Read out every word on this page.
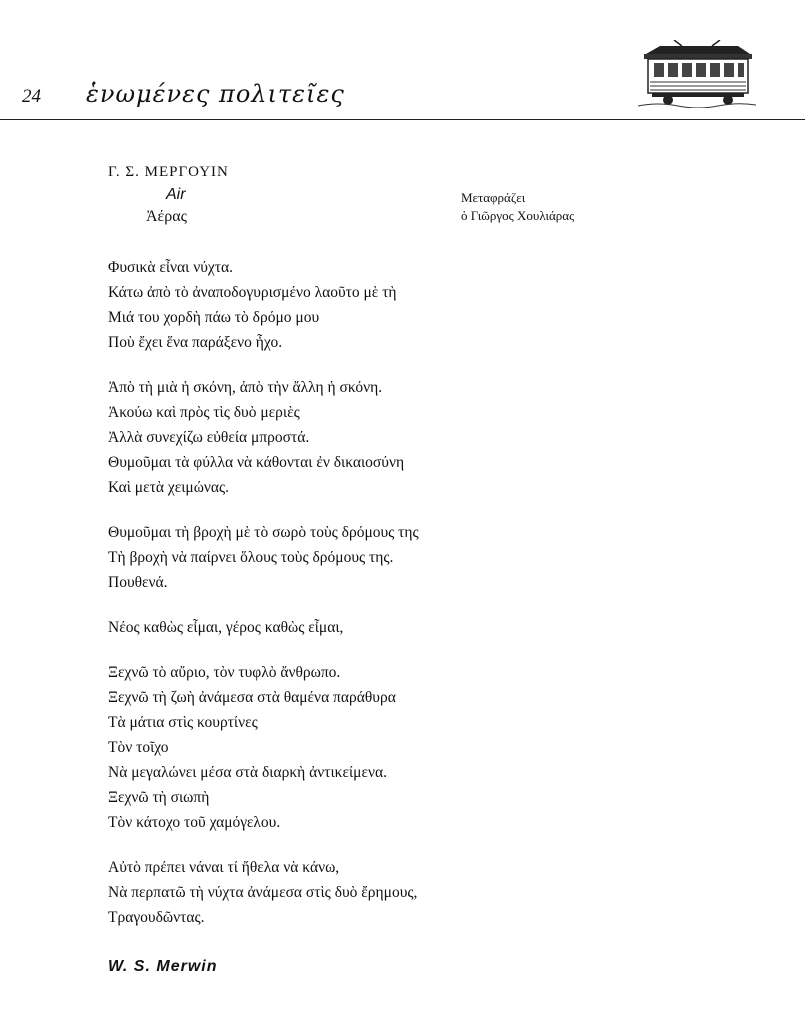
24 ἑνωμένες πολιτεῖες
Γ. Σ. ΜΕΡΓΟΥΙΝ
Air
Ἀέρας
Μεταφράζει
ὁ Γιῶργος Χουλιάρας
Φυσικὰ εἶναι νύχτα.
Κάτω ἀπὸ τὸ ἀναποδογυρισμένο λαοῦτο μὲ τὴ
Μιά του χορδὴ πάω τὸ δρόμο μου
Ποὺ ἔχει ἕνα παράξενο ἦχο.
Ἀπὸ τὴ μιὰ ἡ σκόνη, ἀπὸ τὴν ἄλλη ἡ σκόνη.
Ἀκούω καὶ πρὸς τὶς δυὸ μεριὲς
Ἀλλὰ συνεχίζω εὐθεία μπροστά.
Θυμοῦμαι τὰ φύλλα νὰ κάθονται ἐν δικαιοσύνη
Καὶ μετὰ χειμώνας.
Θυμοῦμαι τὴ βροχὴ μὲ τὸ σωρὸ τοὺς δρόμους της
Τὴ βροχὴ νὰ παίρνει ὅλους τοὺς δρόμους της.
Πουθενά.
Νέος καθὼς εἶμαι, γέρος καθὼς εἶμαι,
Ξεχνῶ τὸ αὔριο, τὸν τυφλὸ ἄνθρωπο.
Ξεχνῶ τὴ ζωὴ ἀνάμεσα στὰ θαμένα παράθυρα
Τὰ μάτια στὶς κουρτίνες
Τὸν τοῖχο
Νὰ μεγαλώνει μέσα στὰ διαρκὴ ἀντικείμενα.
Ξεχνῶ τὴ σιωπὴ
Τὸν κάτοχο τοῦ χαμόγελου.
Αὐτὸ πρέπει νάναι τί ἤθελα νὰ κάνω,
Νὰ περπατῶ τὴ νύχτα ἀνάμεσα στὶς δυὸ ἔρημους,
Τραγουδῶντας.
W. S. Merwin
